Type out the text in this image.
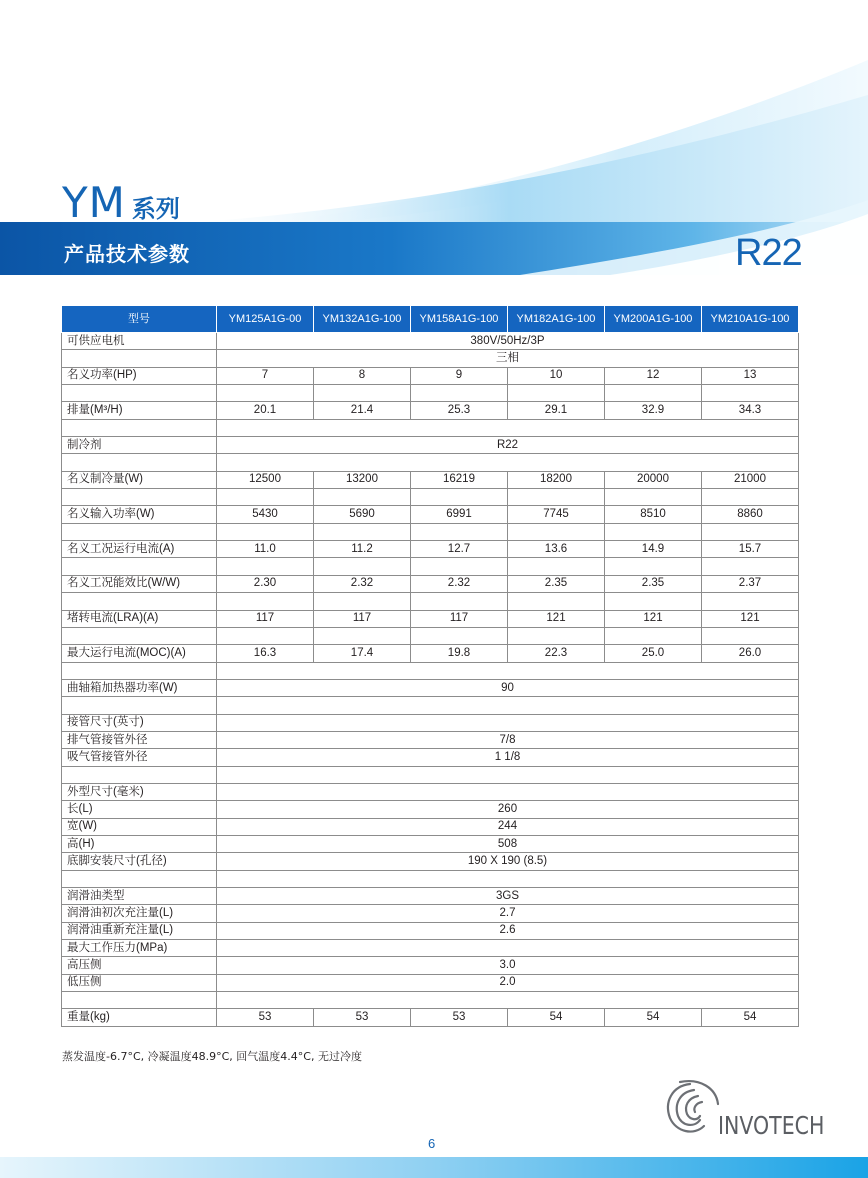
YM 系列
产品技术参数	R22
型号	YM125A1G-00	YM132A1G-100	YM158A1G-100	YM182A1G-100	YM200A1G-100	YM210A1G-100
可供应电机	380V/50Hz/3P					
	三相					
名义功率(HP)	7	8	9	10	12	13

排量(M³/H)	20.1	21.4	25.3	29.1	32.9	34.3

制冷剂	R22					

名义制冷量(W)	12500	13200	16219	18200	20000	21000

名义输入功率(W)	5430	5690	6991	7745	8510	8860

名义工况运行电流(A)	11.0	11.2	12.7	13.6	14.9	15.7

名义工况能效比(W/W)	2.30	2.32	2.32	2.35	2.35	2.37

堵转电流(LRA)(A)	117	117	117	121	121	121

最大运行电流(MOC)(A)	16.3	17.4	19.8	22.3	25.0	26.0

曲轴箱加热器功率(W)	90					

接管尺寸(英寸)						
排气管接管外径	7/8					
吸气管接管外径	1 1/8					

外型尺寸(毫米)						
长(L)	260					
宽(W)	244					
高(H)	508					
底脚安装尺寸(孔径)	190 X 190 (8.5)					

润滑油类型	3GS					
润滑油初次充注量(L)	2.7					
润滑油重新充注量(L)	2.6					
最大工作压力(MPa)						
高压侧	3.0					
低压侧	2.0					

重量(kg)	53	53	53	54	54	54
蒸发温度-6.7°C, 冷凝温度48.9°C, 回气温度4.4°C, 无过冷度
INVOTECH
6
